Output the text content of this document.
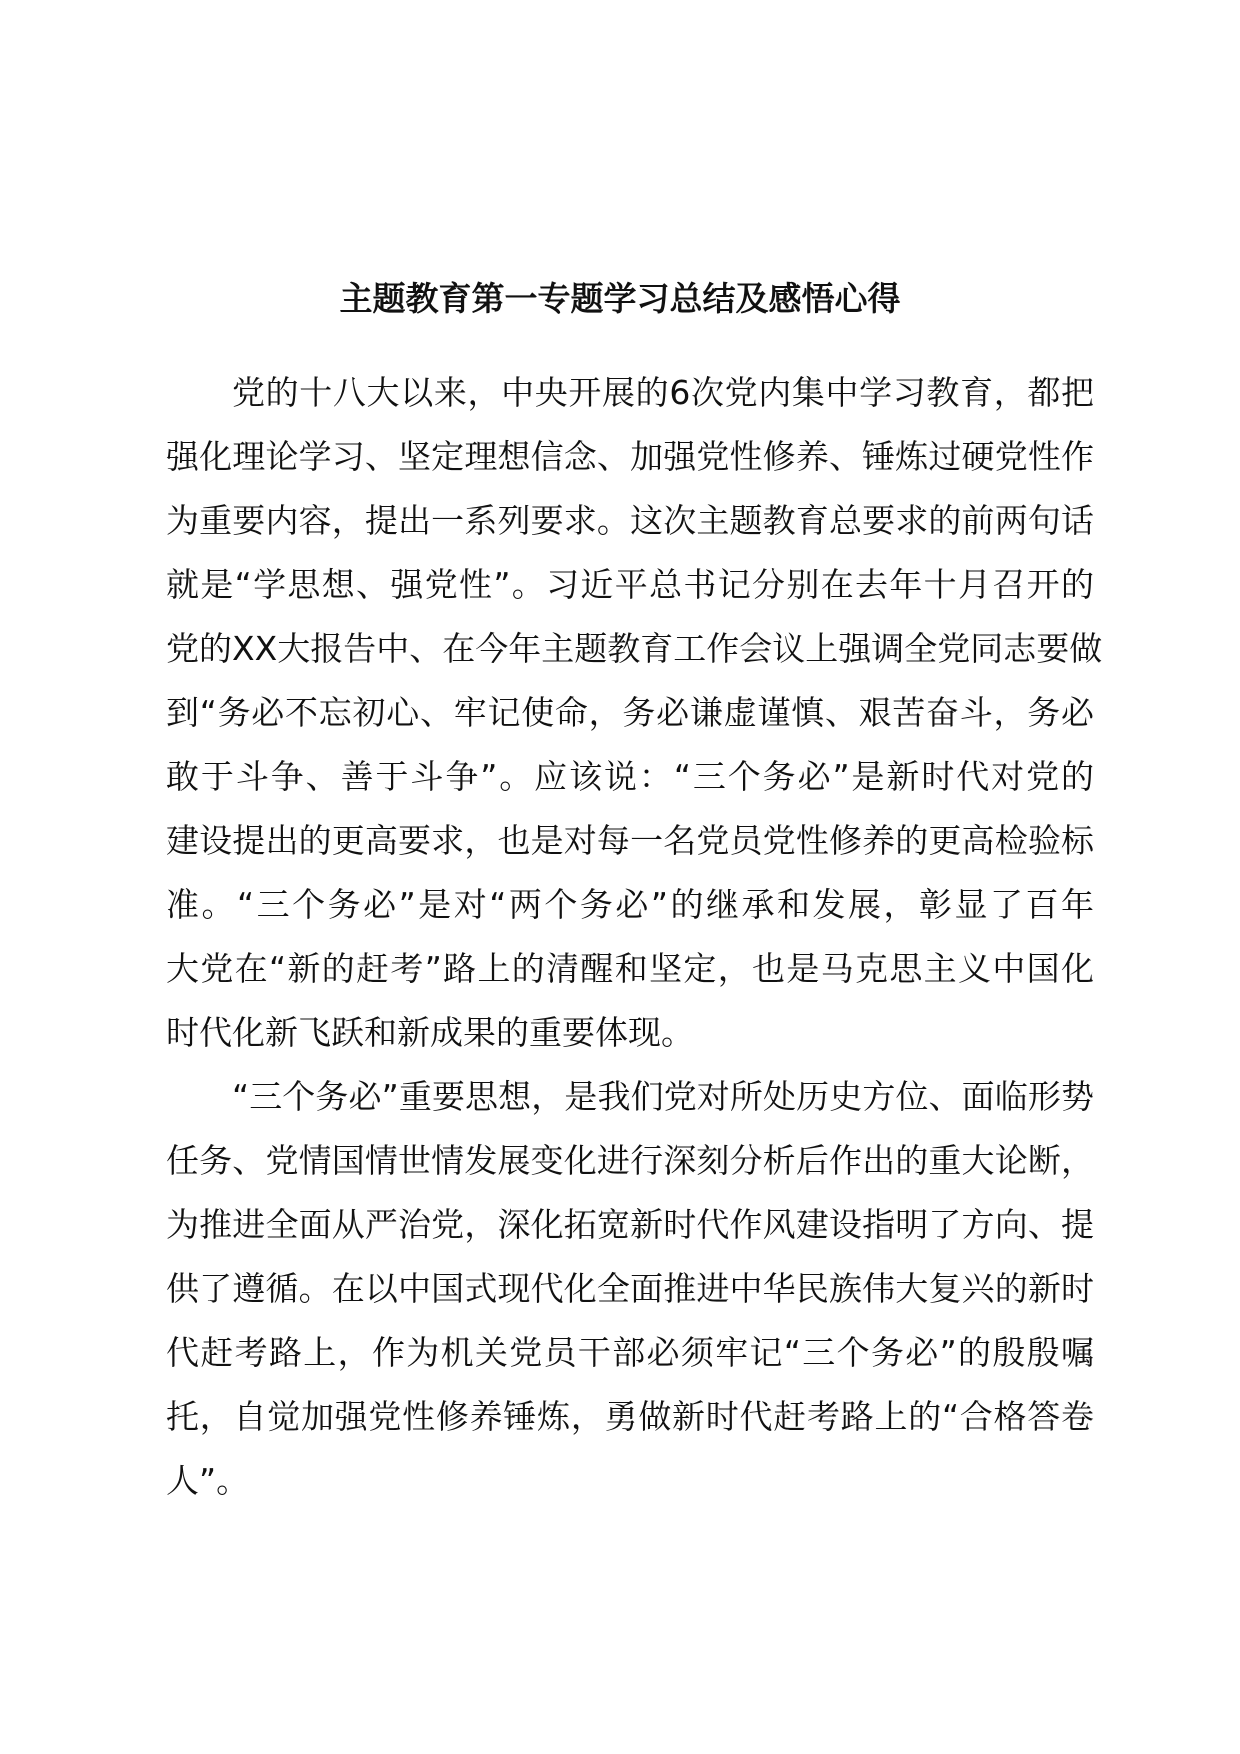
主题教育第一专题学习总结及感悟心得
党的十八大以来，中央开展的6次党内集中学习教育，都把
强化理论学习、坚定理想信念、加强党性修养、锤炼过硬党性作
为重要内容，提出一系列要求。这次主题教育总要求的前两句话
就是“学思想、强党性”。习近平总书记分别在去年十月召开的
党的XX大报告中、在今年主题教育工作会议上强调全党同志要做
到“务必不忘初心、牢记使命，务必谦虚谨慎、艰苦奋斗，务必
敢于斗争、善于斗争”。应该说：“三个务必”是新时代对党的
建设提出的更高要求，也是对每一名党员党性修养的更高检验标
准。“三个务必”是对“两个务必”的继承和发展，彰显了百年
大党在“新的赶考”路上的清醒和坚定，也是马克思主义中国化
时代化新飞跃和新成果的重要体现。
“三个务必”重要思想，是我们党对所处历史方位、面临形势
任务、党情国情世情发展变化进行深刻分析后作出的重大论断，
为推进全面从严治党，深化拓宽新时代作风建设指明了方向、提
供了遵循。在以中国式现代化全面推进中华民族伟大复兴的新时
代赶考路上，作为机关党员干部必须牢记“三个务必”的殷殷嘱
托，自觉加强党性修养锤炼，勇做新时代赶考路上的“合格答卷
人”。
